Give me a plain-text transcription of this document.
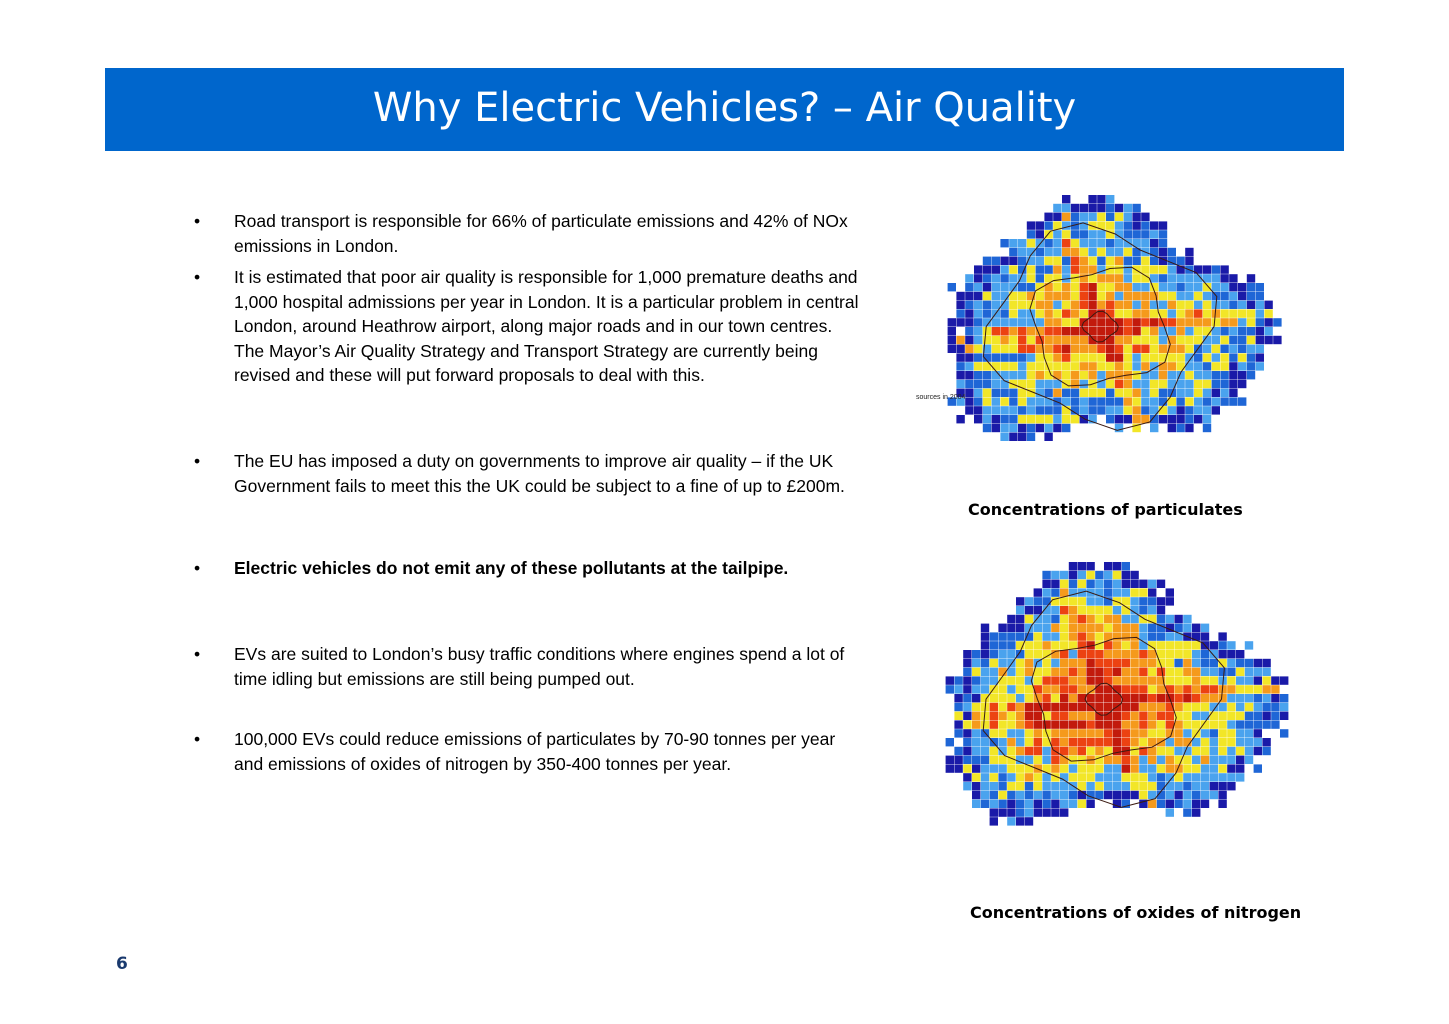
Why Electric Vehicles? – Air Quality
• Road transport is responsible for 66% of particulate emissions and 42% of NOx emissions in London.
• It is estimated that poor air quality is responsible for 1,000 premature deaths and 1,000 hospital admissions per year in London. It is a particular problem in central London, around Heathrow airport, along major roads and in our town centres. The Mayor’s Air Quality Strategy and Transport Strategy are currently being revised and these will put forward proposals to deal with this.
• The EU has imposed a duty on governments to improve air quality – if the UK Government fails to meet this the UK could be subject to a fine of up to £200m.
• Electric vehicles do not emit any of these pollutants at the tailpipe.
• EVs are suited to London’s busy traffic conditions where engines spend a lot of time idling but emissions are still being pumped out.
• 100,000 EVs could reduce emissions of particulates by 70-90 tonnes per year and emissions of oxides of nitrogen by 350-400 tonnes per year.
sources in 2004
Concentrations of particulates
Concentrations of oxides of nitrogen
6
